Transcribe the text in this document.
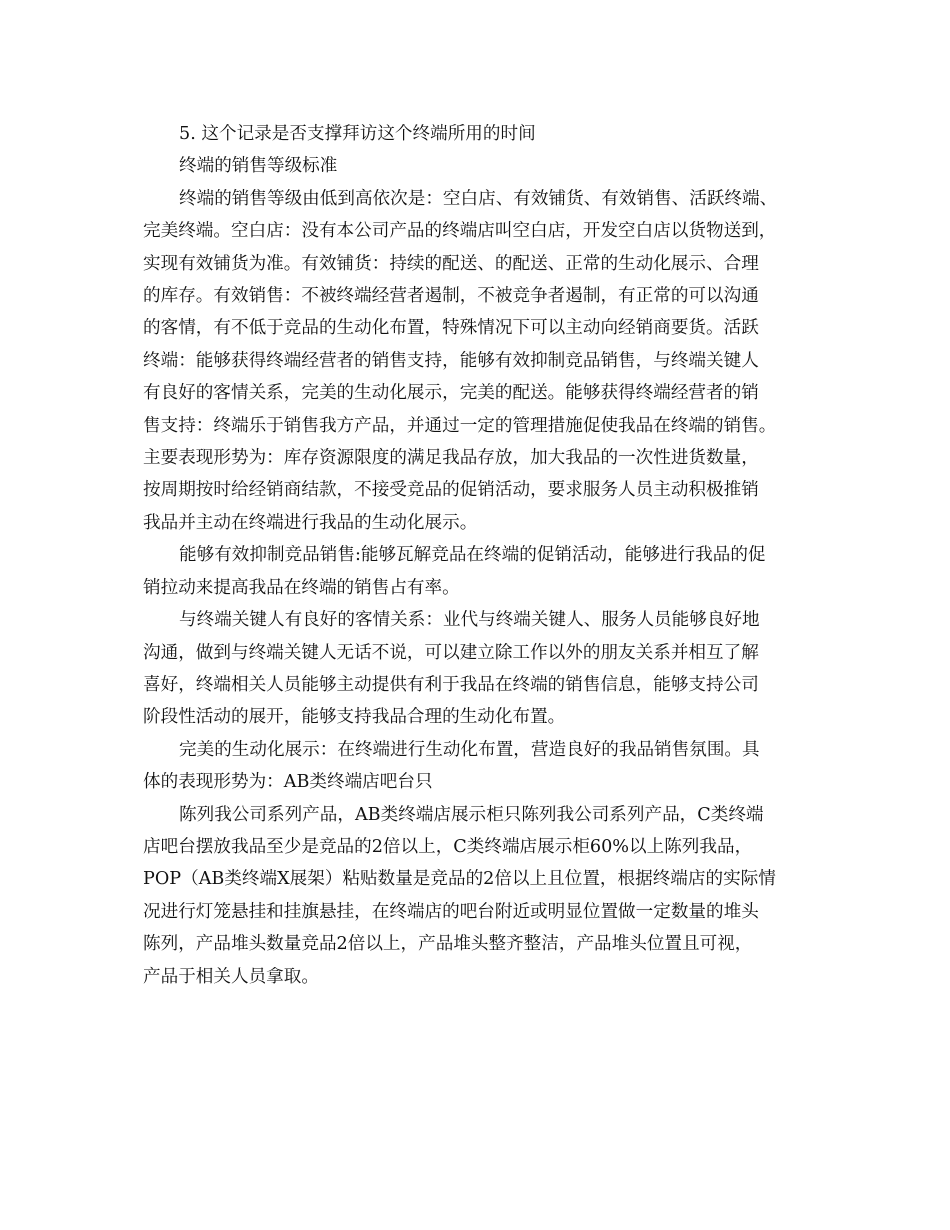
5. 这个记录是否支撑拜访这个终端所用的时间

终端的销售等级标准

终端的销售等级由低到高依次是：空白店、有效铺货、有效销售、活跃终端、

完美终端。空白店：没有本公司产品的终端店叫空白店，开发空白店以货物送到，

实现有效铺货为准。有效铺货：持续的配送、的配送、正常的生动化展示、合理

的库存。有效销售：不被终端经营者遏制，不被竞争者遏制，有正常的可以沟通

的客情，有不低于竞品的生动化布置，特殊情况下可以主动向经销商要货。活跃

终端：能够获得终端经营者的销售支持，能够有效抑制竞品销售，与终端关键人

有良好的客情关系，完美的生动化展示，完美的配送。能够获得终端经营者的销

售支持：终端乐于销售我方产品，并通过一定的管理措施促使我品在终端的销售。

主要表现形势为：库存资源限度的满足我品存放，加大我品的一次性进货数量，

按周期按时给经销商结款，不接受竞品的促销活动，要求服务人员主动积极推销

我品并主动在终端进行我品的生动化展示。

能够有效抑制竞品销售:能够瓦解竞品在终端的促销活动，能够进行我品的促

销拉动来提高我品在终端的销售占有率。

与终端关键人有良好的客情关系：业代与终端关键人、服务人员能够良好地

沟通，做到与终端关键人无话不说，可以建立除工作以外的朋友关系并相互了解

喜好，终端相关人员能够主动提供有利于我品在终端的销售信息，能够支持公司

阶段性活动的展开，能够支持我品合理的生动化布置。

完美的生动化展示：在终端进行生动化布置，营造良好的我品销售氛围。具

体的表现形势为：AB类终端店吧台只

陈列我公司系列产品，AB类终端店展示柜只陈列我公司系列产品，C类终端

店吧台摆放我品至少是竞品的2倍以上，C类终端店展示柜60%以上陈列我品，

POP（AB类终端X展架）粘贴数量是竞品的2倍以上且位置，根据终端店的实际情

况进行灯笼悬挂和挂旗悬挂，在终端店的吧台附近或明显位置做一定数量的堆头

陈列，产品堆头数量竞品2倍以上，产品堆头整齐整洁，产品堆头位置且可视，

产品于相关人员拿取。
